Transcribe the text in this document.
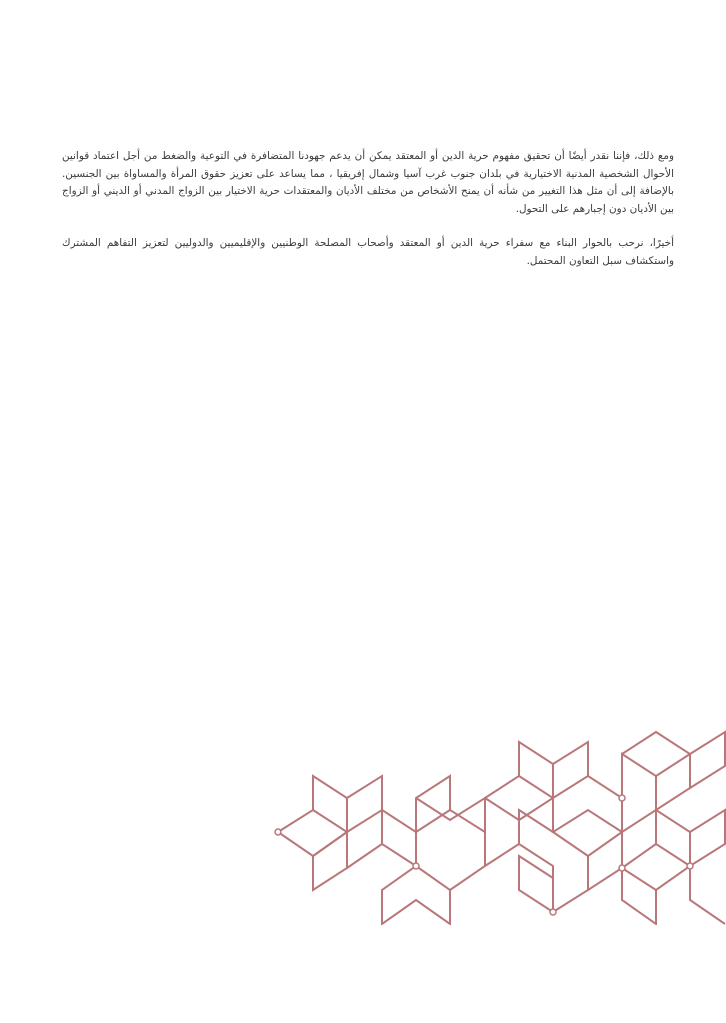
ومع ذلك، فإننا نقدر أيضًا أن تحقيق مفهوم حرية الدين أو المعتقد يمكن أن يدعم جهودنا المتضافرة في التوعية والضغط من أجل اعتماد قوانين الأحوال الشخصية المدنية الاختيارية في بلدان جنوب غرب آسيا وشمال إفريقيا ، مما يساعد على تعزيز حقوق المرأة والمساواة بين الجنسين. بالإضافة إلى أن مثل هذا التغيير من شأنه أن يمنح الأشخاص من مختلف الأديان والمعتقدات حرية الاختيار بين الزواج المدني أو الديني أو الزواج بين الأديان دون إجبارهم على التحول.

أخيرًا، نرحب بالحوار البناء مع سفراء حرية الدين أو المعتقد وأصحاب المصلحة الوطنيين والإقليميين والدوليين لتعزيز التفاهم المشترك واستكشاف سبل التعاون المحتمل.
